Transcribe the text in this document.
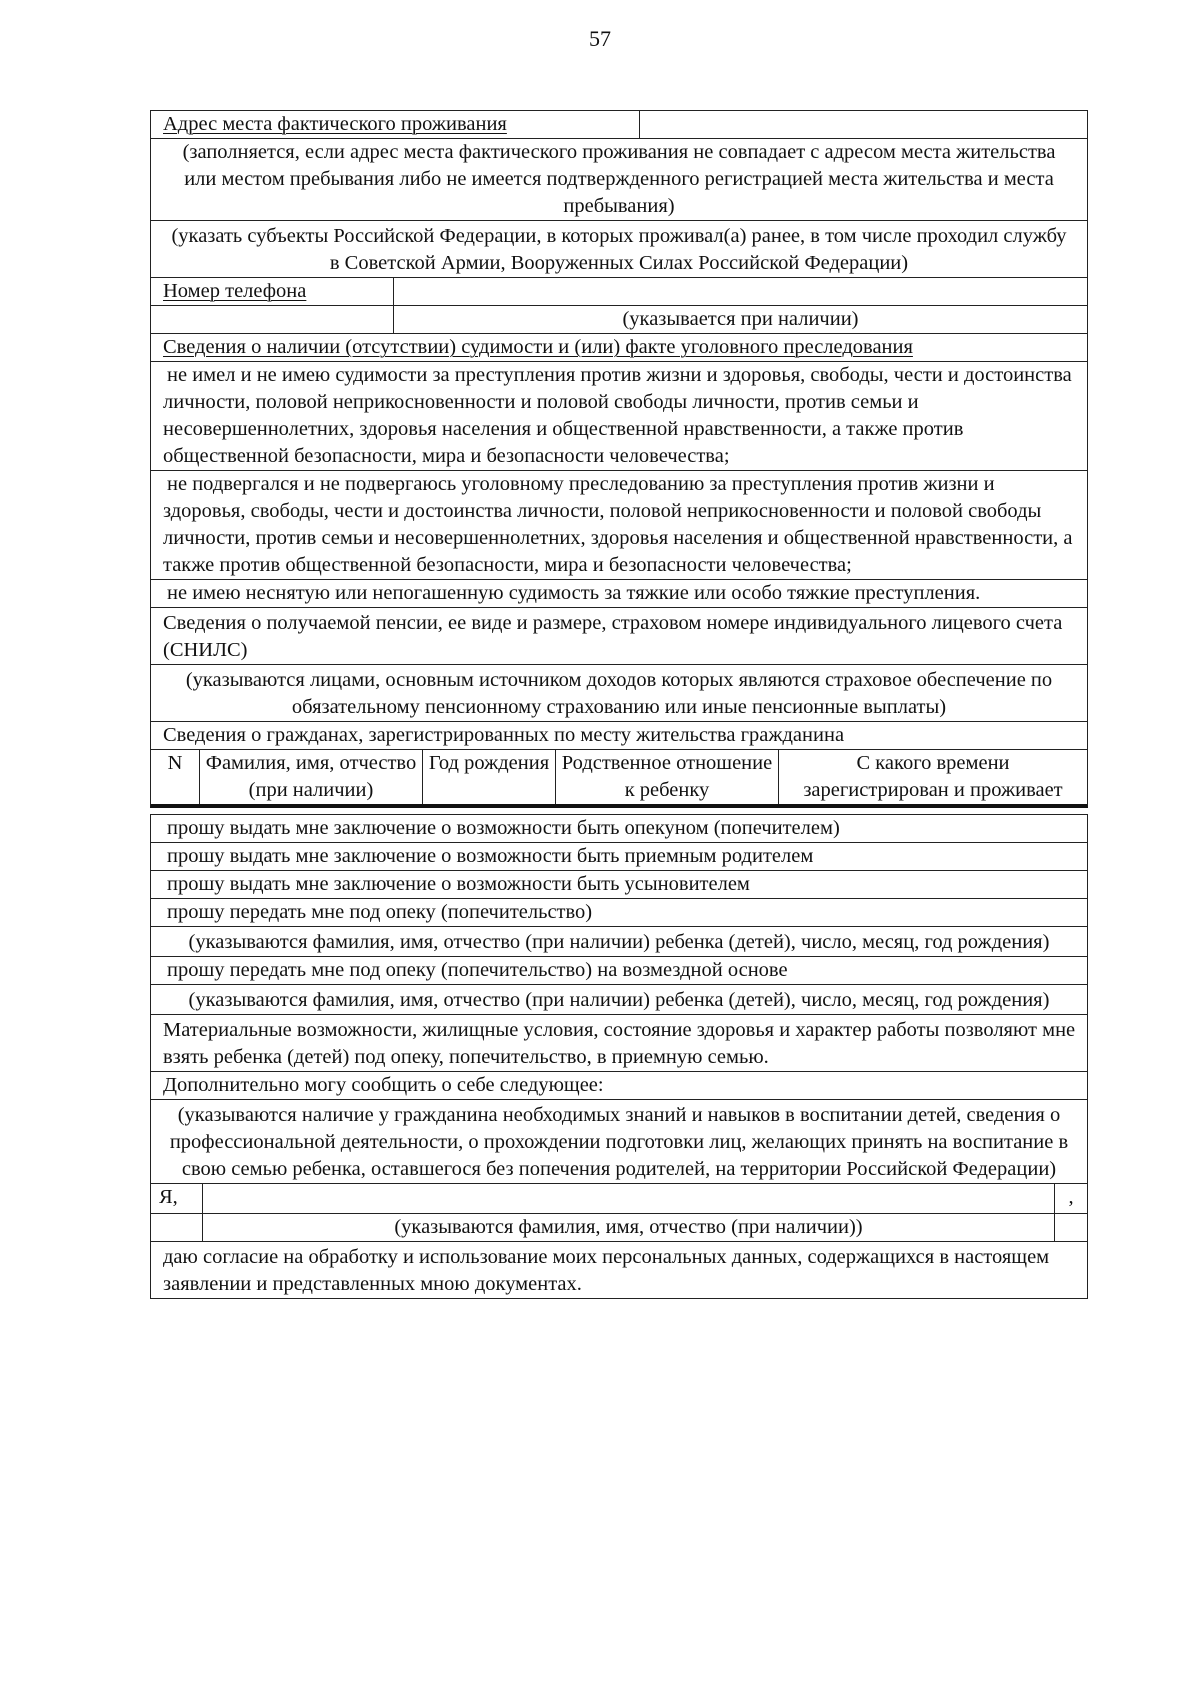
57
Адрес места фактического проживания
(заполняется, если адрес места фактического проживания не совпадает с адресом места жительства или местом пребывания либо не имеется подтвержденного регистрацией места жительства и места пребывания)
(указать субъекты Российской Федерации, в которых проживал(а) ранее, в том числе проходил службу в Советской Армии, Вооруженных Силах Российской Федерации)
Номер телефона
(указывается при наличии)
Сведения о наличии (отсутствии) судимости и (или) факте уголовного преследования
не имел и не имею судимости за преступления против жизни и здоровья, свободы, чести и достоинства личности, половой неприкосновенности и половой свободы личности, против семьи и несовершеннолетних, здоровья населения и общественной нравственности, а также против общественной безопасности, мира и безопасности человечества;
не подвергался и не подвергаюсь уголовному преследованию за преступления против жизни и здоровья, свободы, чести и достоинства личности, половой неприкосновенности и половой свободы личности, против семьи и несовершеннолетних, здоровья населения и общественной нравственности, а также против общественной безопасности, мира и безопасности человечества;
не имею неснятую или непогашенную судимость за тяжкие или особо тяжкие преступления.
Сведения о получаемой пенсии, ее виде и размере, страховом номере индивидуального лицевого счета (СНИЛС)
(указываются лицами, основным источником доходов которых являются страховое обеспечение по обязательному пенсионному страхованию или иные пенсионные выплаты)
Сведения о гражданах, зарегистрированных по месту жительства гражданина
N	Фамилия, имя, отчество (при наличии)	Год рождения	Родственное отношение к ребенку	С какого времени зарегистрирован и проживает
прошу выдать мне заключение о возможности быть опекуном (попечителем)
прошу выдать мне заключение о возможности быть приемным родителем
прошу выдать мне заключение о возможности быть усыновителем
прошу передать мне под опеку (попечительство)
(указываются фамилия, имя, отчество (при наличии) ребенка (детей), число, месяц, год рождения)
прошу передать мне под опеку (попечительство) на возмездной основе
(указываются фамилия, имя, отчество (при наличии) ребенка (детей), число, месяц, год рождения)
Материальные возможности, жилищные условия, состояние здоровья и характер работы позволяют мне взять ребенка (детей) под опеку, попечительство, в приемную семью.
Дополнительно могу сообщить о себе следующее:
(указываются наличие у гражданина необходимых знаний и навыков в воспитании детей, сведения о профессиональной деятельности, о прохождении подготовки лиц, желающих принять на воспитание в свою семью ребенка, оставшегося без попечения родителей, на территории Российской Федерации)
Я,	,
(указываются фамилия, имя, отчество (при наличии))
даю согласие на обработку и использование моих персональных данных, содержащихся в настоящем заявлении и представленных мною документах.
